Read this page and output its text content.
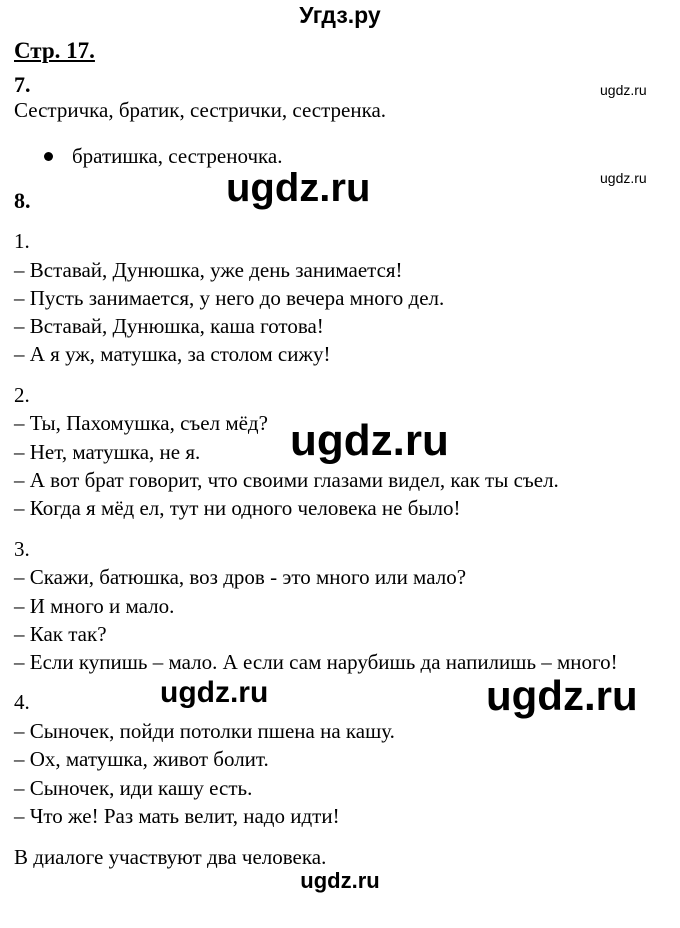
Угдз.ру
Стр. 17.
7.	ugdz.ru
Сестричка, братик, сестрички, сестренка.
братишка, сестреночка.
ugdz.ru
ugdz.ru
8.
1.
– Вставай, Дунюшка, уже день занимается!
– Пусть занимается, у него до вечера много дел.
– Вставай, Дунюшка, каша готова!
– А я уж, матушка, за столом сижу!
2.
– Ты, Пахомушка, съел мёд? ugdz.ru
– Нет, матушка, не я.
– А вот брат говорит, что своими глазами видел, как ты съел.
– Когда я мёд ел, тут ни одного человека не было!
3.
– Скажи, батюшка, воз дров - это много или мало?
– И много и мало.
– Как так?
– Если купишь – мало. А если сам нарубишь да напилишь – много!
ugdz.ru	ugdz.ru
4.
– Сыночек, пойди потолки пшена на кашу.
– Ох, матушка, живот болит.
– Сыночек, иди кашу есть.
– Что же! Раз мать велит, надо идти!
В диалоге участвуют два человека.
ugdz.ru
